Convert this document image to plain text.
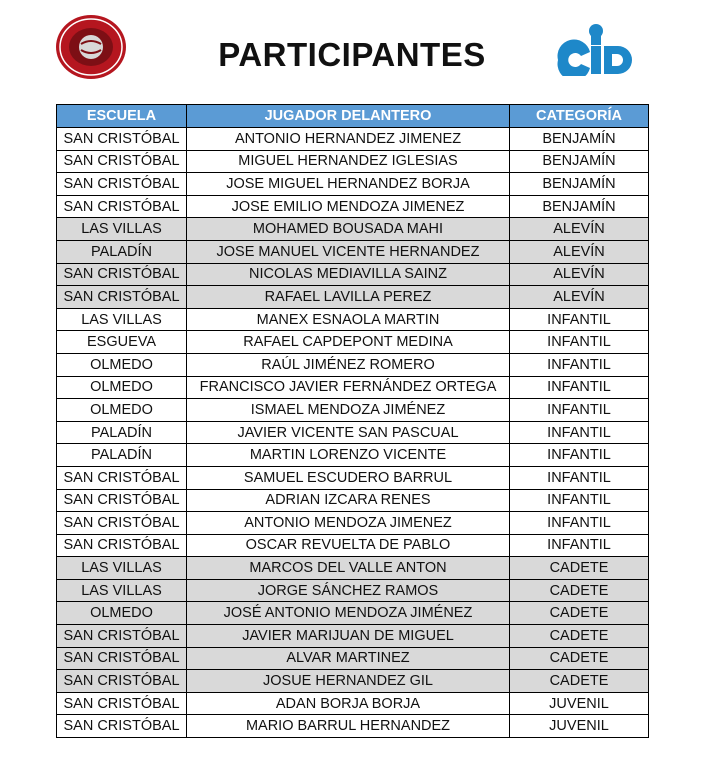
PARTICIPANTES
ESCUELA	JUGADOR DELANTERO	CATEGORÍA
SAN CRISTÓBAL	ANTONIO HERNANDEZ JIMENEZ	BENJAMÍN
SAN CRISTÓBAL	MIGUEL HERNANDEZ IGLESIAS	BENJAMÍN
SAN CRISTÓBAL	JOSE MIGUEL HERNANDEZ BORJA	BENJAMÍN
SAN CRISTÓBAL	JOSE EMILIO MENDOZA JIMENEZ	BENJAMÍN
LAS VILLAS	MOHAMED BOUSADA MAHI	ALEVÍN
PALADÍN	JOSE MANUEL VICENTE HERNANDEZ	ALEVÍN
SAN CRISTÓBAL	NICOLAS MEDIAVILLA SAINZ	ALEVÍN
SAN CRISTÓBAL	RAFAEL LAVILLA PEREZ	ALEVÍN
LAS VILLAS	MANEX ESNAOLA MARTIN	INFANTIL
ESGUEVA	RAFAEL CAPDEPONT MEDINA	INFANTIL
OLMEDO	RAÚL JIMÉNEZ ROMERO	INFANTIL
OLMEDO	FRANCISCO JAVIER FERNÁNDEZ ORTEGA	INFANTIL
OLMEDO	ISMAEL MENDOZA JIMÉNEZ	INFANTIL
PALADÍN	JAVIER VICENTE SAN PASCUAL	INFANTIL
PALADÍN	MARTIN LORENZO VICENTE	INFANTIL
SAN CRISTÓBAL	SAMUEL ESCUDERO BARRUL	INFANTIL
SAN CRISTÓBAL	ADRIAN IZCARA RENES	INFANTIL
SAN CRISTÓBAL	ANTONIO MENDOZA JIMENEZ	INFANTIL
SAN CRISTÓBAL	OSCAR REVUELTA DE PABLO	INFANTIL
LAS VILLAS	MARCOS DEL VALLE ANTON	CADETE
LAS VILLAS	JORGE SÁNCHEZ RAMOS	CADETE
OLMEDO	JOSÉ ANTONIO MENDOZA JIMÉNEZ	CADETE
SAN CRISTÓBAL	JAVIER MARIJUAN DE MIGUEL	CADETE
SAN CRISTÓBAL	ALVAR MARTINEZ	CADETE
SAN CRISTÓBAL	JOSUE HERNANDEZ GIL	CADETE
SAN CRISTÓBAL	ADAN BORJA BORJA	JUVENIL
SAN CRISTÓBAL	MARIO BARRUL HERNANDEZ	JUVENIL
